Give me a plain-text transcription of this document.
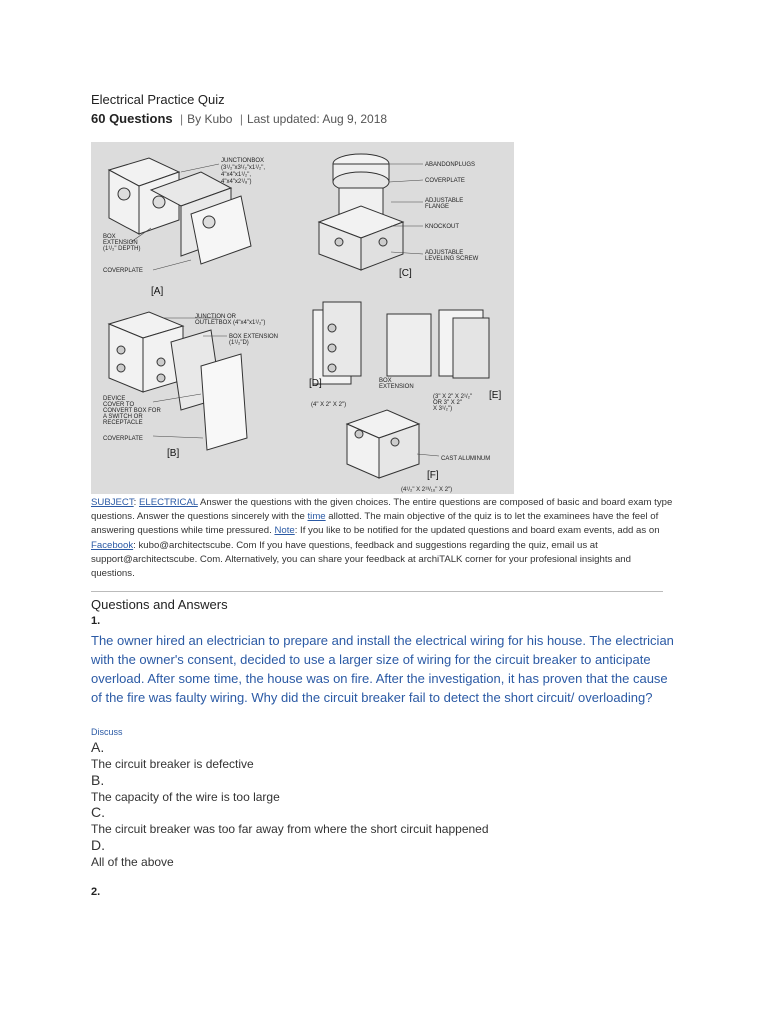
Electrical Practice Quiz
60 Questions | By Kubo | Last updated: Aug 9, 2018
JUNCTIONBOX
(3¹/₂"x3¹/₂"x1¹/₂",
4"x4"x1¹/₂",
4"x4"x2¹/₈")
BOX
EXTENSION
(1¹/₂" DEPTH)
COVERPLATE
[A]
ABANDONPLUGS
COVERPLATE
ADJUSTABLE
FLANGE
KNOCKOUT
ADJUSTABLE
LEVELING SCREW
[C]
JUNCTION OR
OUTLETBOX (4"x4"x1¹/₂")
BOX EXTENSION
(1¹/₂"D)
DEVICE
COVER TO
CONVERT BOX FOR
A SWITCH OR
RECEPTACLE
COVERPLATE
[B]
[D]
(4" X 2" X 2")
BOX
EXTENSION
[E]
(3" X 2" X 2¹/₂"
OR 3" X 2"
X 3¹/₂")
CAST ALUMINUM
[F]
(4¹/₂" X 2¹³/₁₆" X 2")
SUBJECT: ELECTRICAL Answer the questions with the given choices. The entire questions are composed of basic and board exam type questions. Answer the questions sincerely with the time allotted. The main objective of the quiz is to let the examinees have the feel of answering questions while time pressured. Note: If you like to be notified for the updated questions and board exam events, add as on Facebook: kubo@architectscube. Com If you have questions, feedback and suggestions regarding the quiz, email us at support@architectscube. Com. Alternatively, you can share your feedback at archiTALK corner for your profesional insights and questions.
Questions and Answers
1.
The owner hired an electrician to prepare and install the electrical wiring for his house. The electrician with the owner's consent, decided to use a larger size of wiring for the circuit breaker to anticipate overload. After some time, the house was on fire. After the investigation, it has proven that the cause of the fire was faulty wiring. Why did the circuit breaker fail to detect the short circuit/ overloading?
Discuss
A.
The circuit breaker is defective
B.
The capacity of the wire is too large
C.
The circuit breaker was too far away from where the short circuit happened
D.
All of the above
2.
